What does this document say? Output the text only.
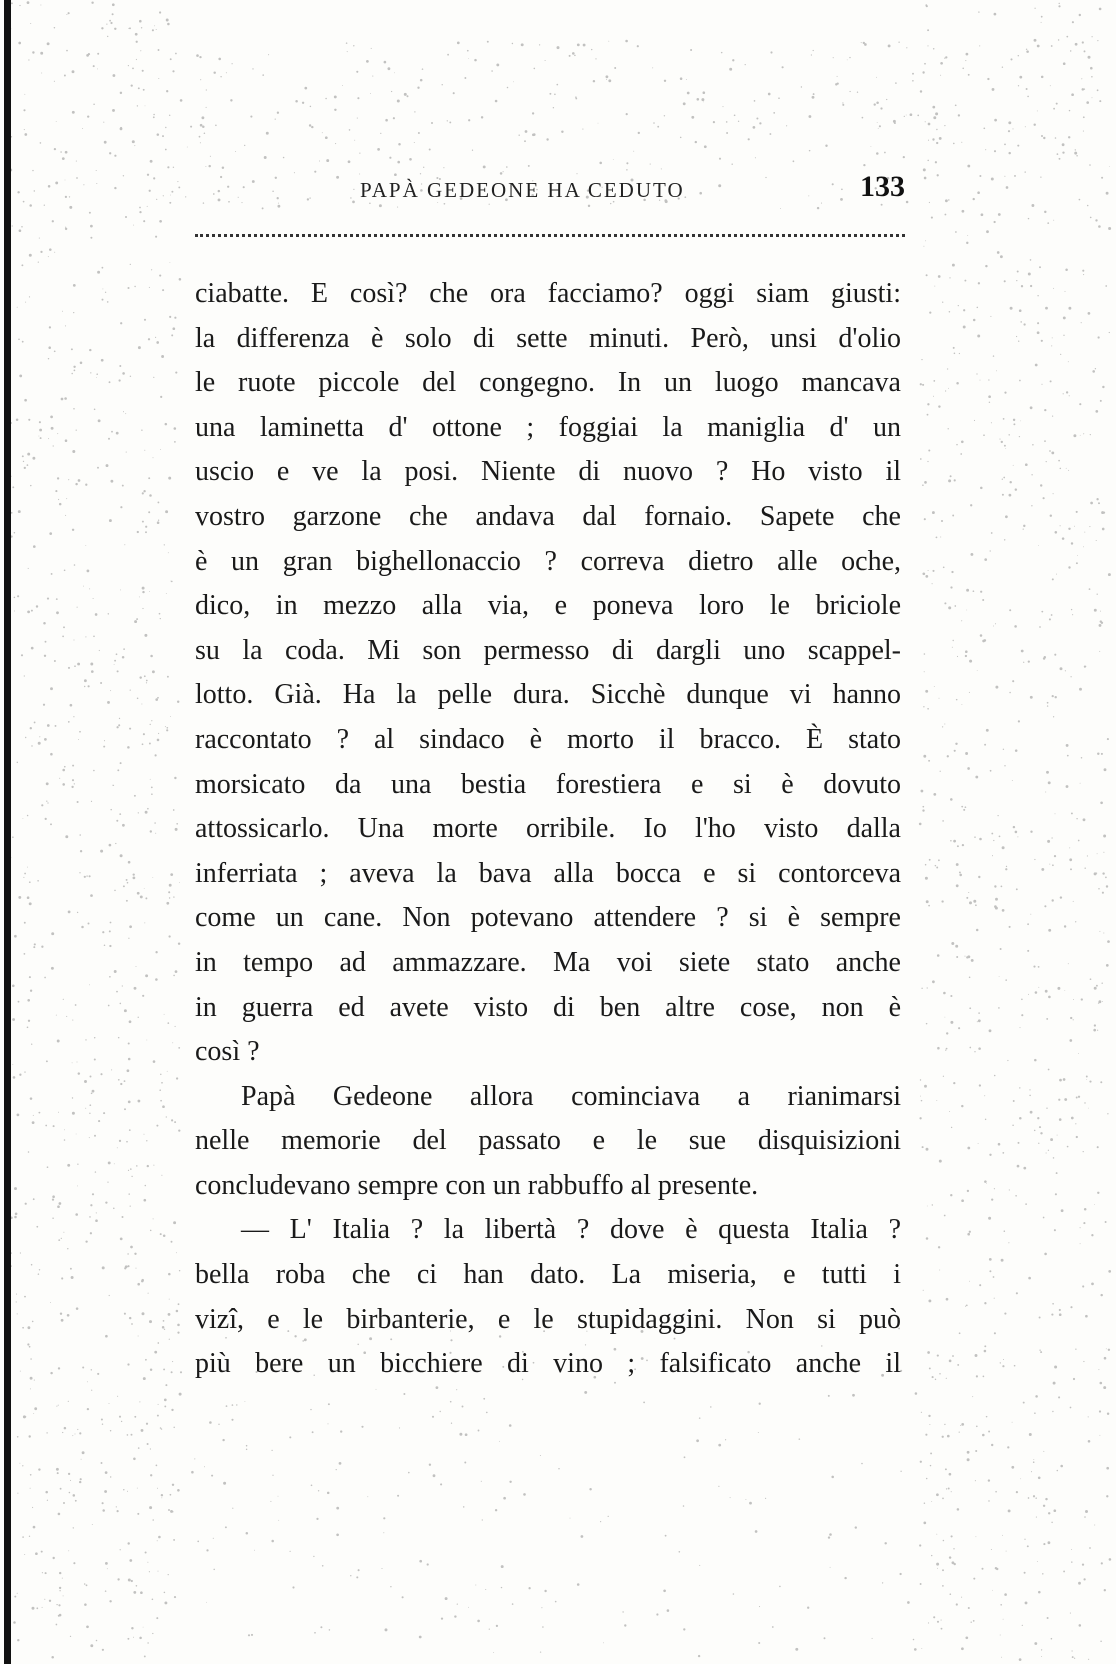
PAPÀ GEDEONE HA CEDUTO	133
ciabatte. E così? che ora facciamo? oggi siam giusti:
la differenza è solo di sette minuti. Però, unsi d'olio
le ruote piccole del congegno. In un luogo mancava
una laminetta d' ottone ; foggiai la maniglia d' un
uscio e ve la posi. Niente di nuovo ? Ho visto il
vostro garzone che andava dal fornaio. Sapete che
è un gran bighellonaccio ? correva dietro alle oche,
dico, in mezzo alla via, e poneva loro le briciole
su la coda. Mi son permesso di dargli uno scappel-
lotto. Già. Ha la pelle dura. Sicchè dunque vi hanno
raccontato ? al sindaco è morto il bracco. È stato
morsicato da una bestia forestiera e si è dovuto
attossicarlo. Una morte orribile. Io l'ho visto dalla
inferriata ; aveva la bava alla bocca e si contorceva
come un cane. Non potevano attendere ? si è sempre
in tempo ad ammazzare. Ma voi siete stato anche
in guerra ed avete visto di ben altre cose, non è
così ?
Papà Gedeone allora cominciava a rianimarsi
nelle memorie del passato e le sue disquisizioni
concludevano sempre con un rabbuffo al presente.
— L' Italia ? la libertà ? dove è questa Italia ?
bella roba che ci han dato. La miseria, e tutti i
vizî, e le birbanterie, e le stupidaggini. Non si può
più bere un bicchiere di vino ; falsificato anche il
